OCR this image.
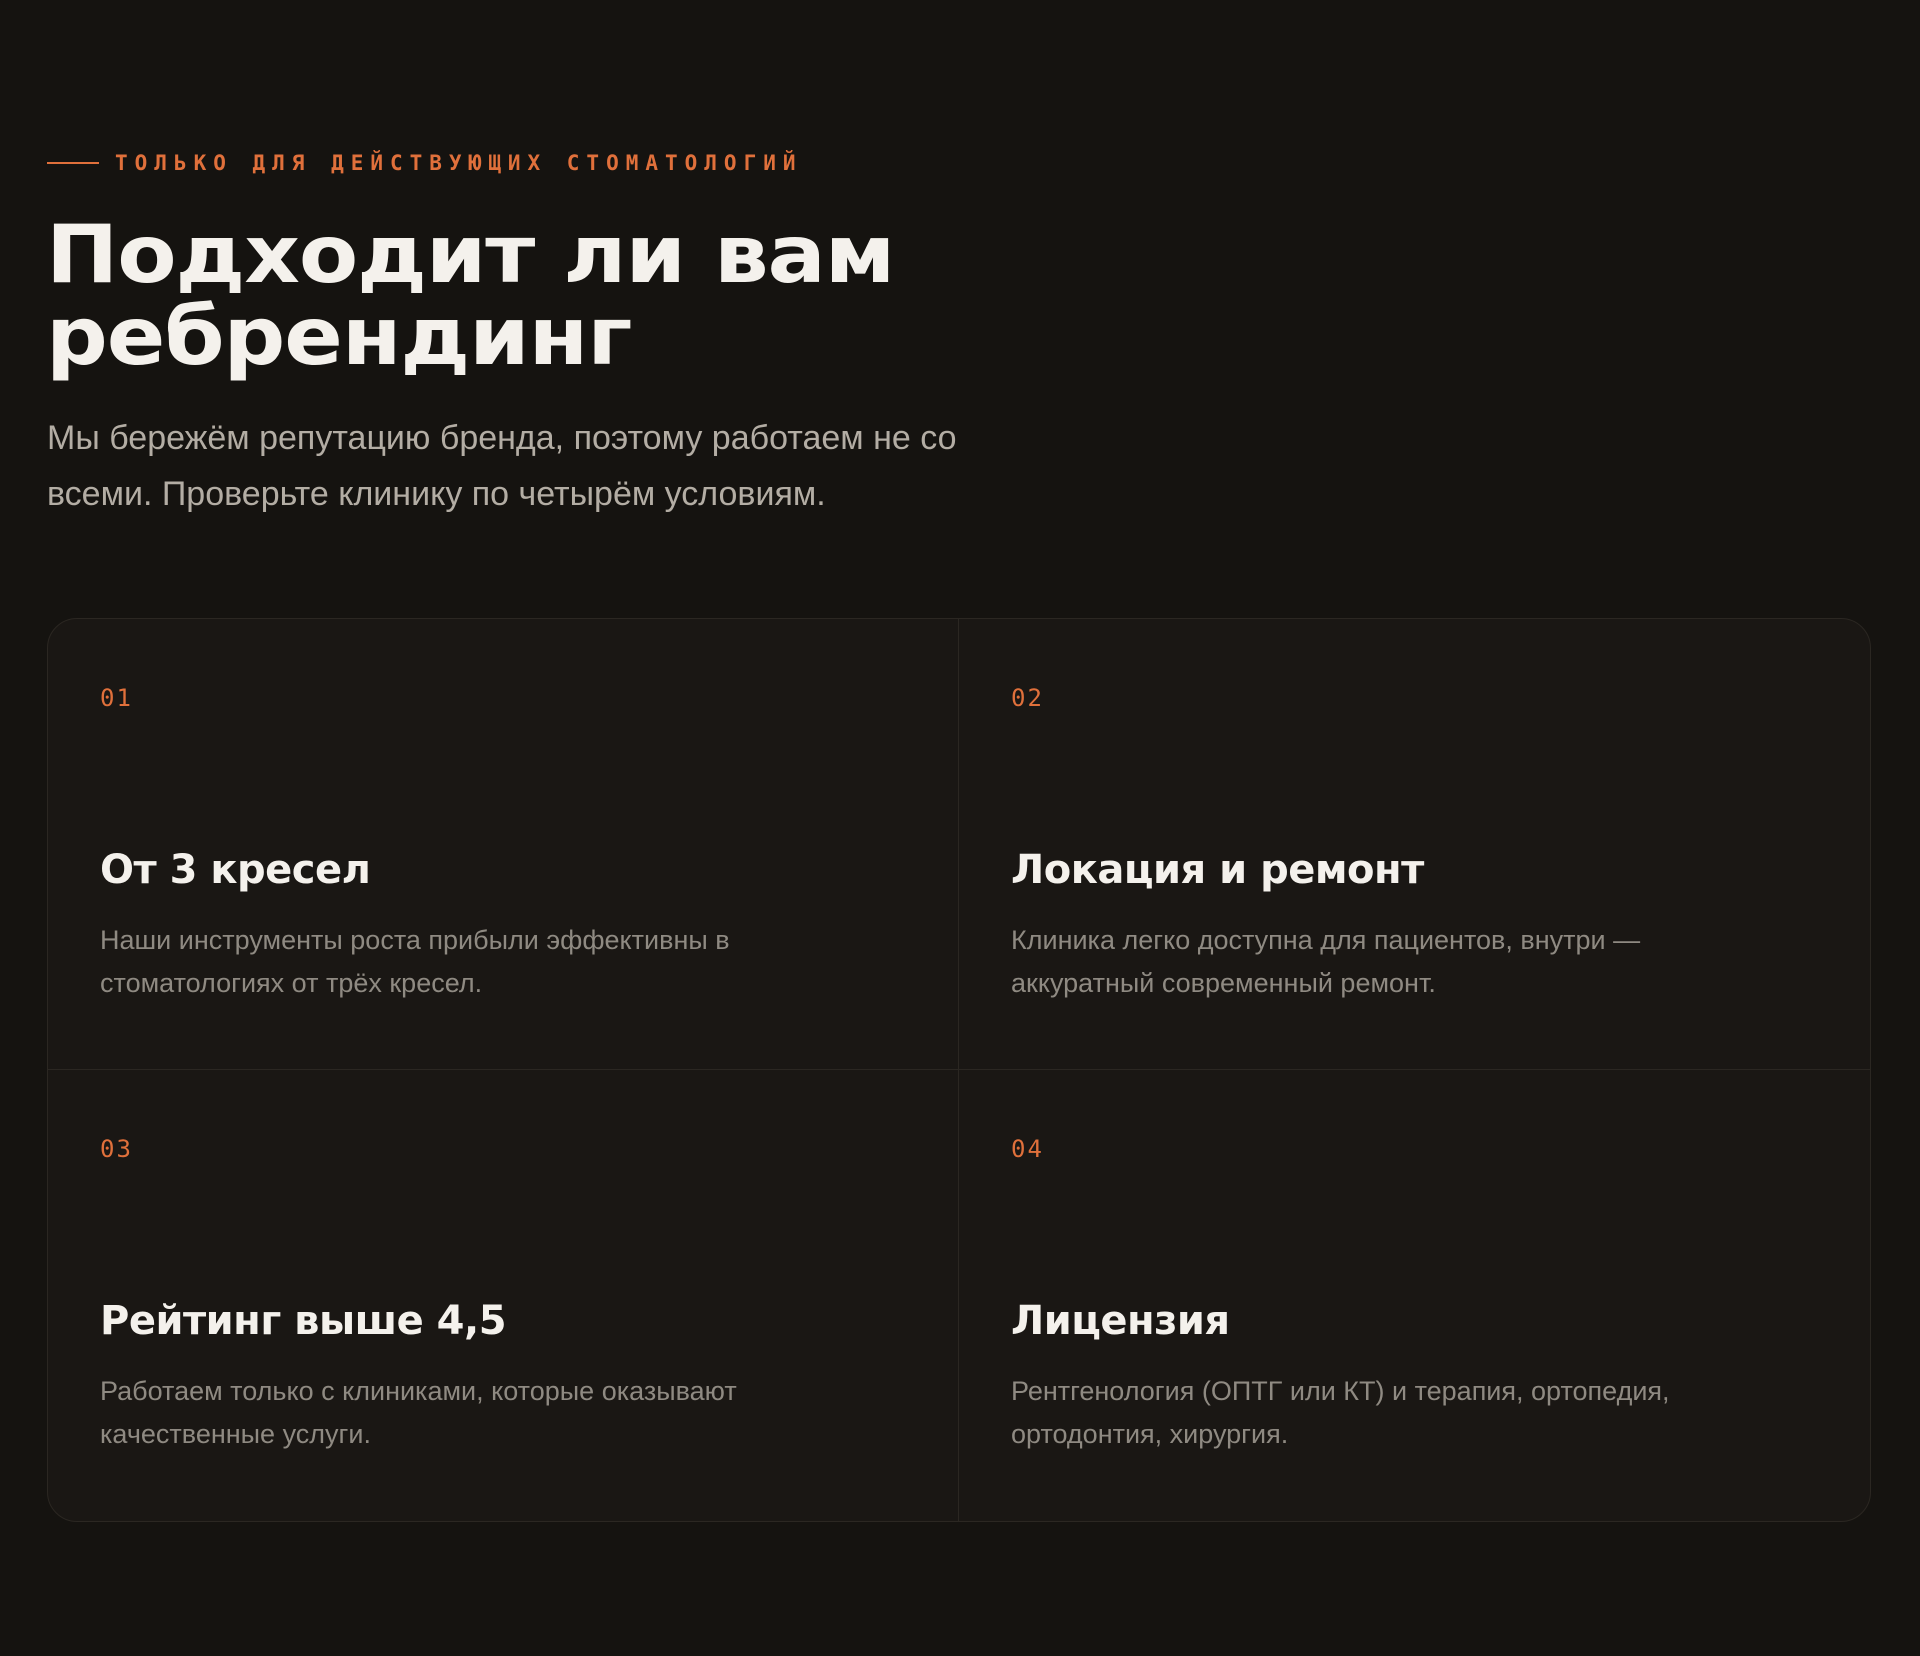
ТОЛЬКО ДЛЯ ДЕЙСТВУЮЩИХ СТОМАТОЛОГИЙ
Подходит ли вам
ребрендинг

Мы бережём репутацию бренда, поэтому работаем не со
всеми. Проверьте клинику по четырём условиям.

01
От 3 кресел

Наши инструменты роста прибыли эффективны в
стоматологиях от трёх кресел.

02
Локация и ремонт

Клиника легко доступна для пациентов, внутри —
аккуратный современный ремонт.

03
Рейтинг выше 4,5

Работаем только с клиниками, которые оказывают
качественные услуги.

04
Лицензия

Рентгенология (ОПТГ или КТ) и терапия, ортопедия,
ортодонтия, хирургия.
